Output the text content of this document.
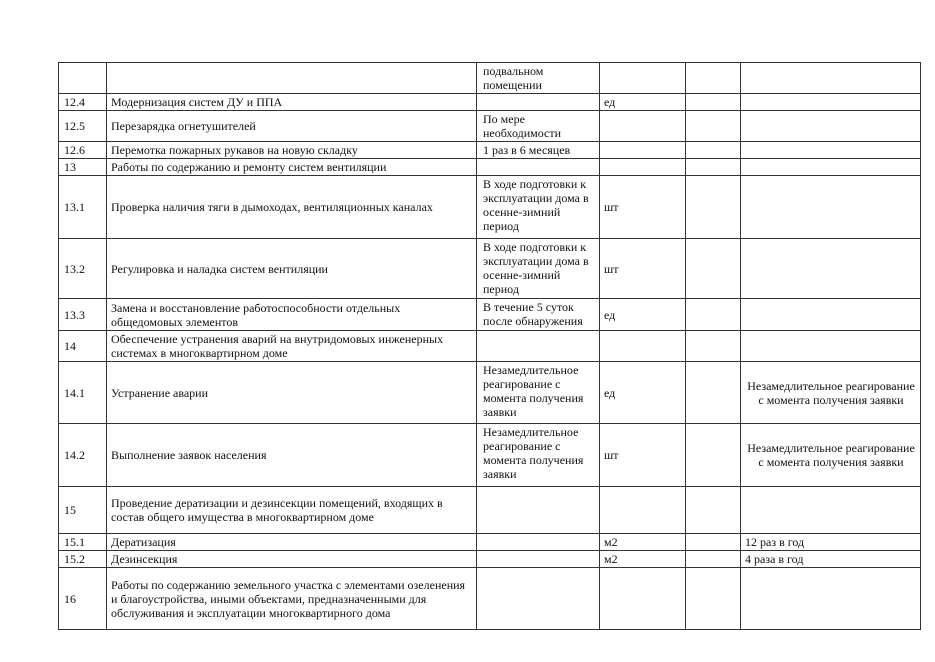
		подвальном помещении			
12.4	Модернизация систем ДУ и ППА		ед		
12.5	Перезарядка огнетушителей	По мере необходимости			
12.6	Перемотка пожарных рукавов на новую складку	1 раз в 6 месяцев			
13	Работы по содержанию и ремонту систем вентиляции				
13.1	Проверка наличия тяги в дымоходах, вентиляционных каналах	В ходе подготовки к эксплуатации дома в осенне-зимний период	шт		
13.2	Регулировка и наладка систем вентиляции	В ходе подготовки к эксплуатации дома в осенне-зимний период	шт		
13.3	Замена и восстановление работоспособности отдельных общедомовых элементов	В течение 5 суток после обнаружения	ед		
14	Обеспечение устранения аварий на внутридомовых инженерных системах в многоквартирном доме				
14.1	Устранение аварии	Незамедлительное реагирование с момента получения заявки	ед		Незамедлительное реагирование с момента получения заявки
14.2	Выполнение заявок населения	Незамедлительное реагирование с момента получения заявки	шт		Незамедлительное реагирование с момента получения заявки
15	Проведение дератизации и дезинсекции помещений, входящих в состав общего имущества в многоквартирном доме				
15.1	Дератизация		м2		12 раз в год
15.2	Дезинсекция		м2		4 раза в год
16	Работы по содержанию земельного участка с элементами озеленения и благоустройства, иными объектами, предназначенными для обслуживания и эксплуатации многоквартирного дома				
